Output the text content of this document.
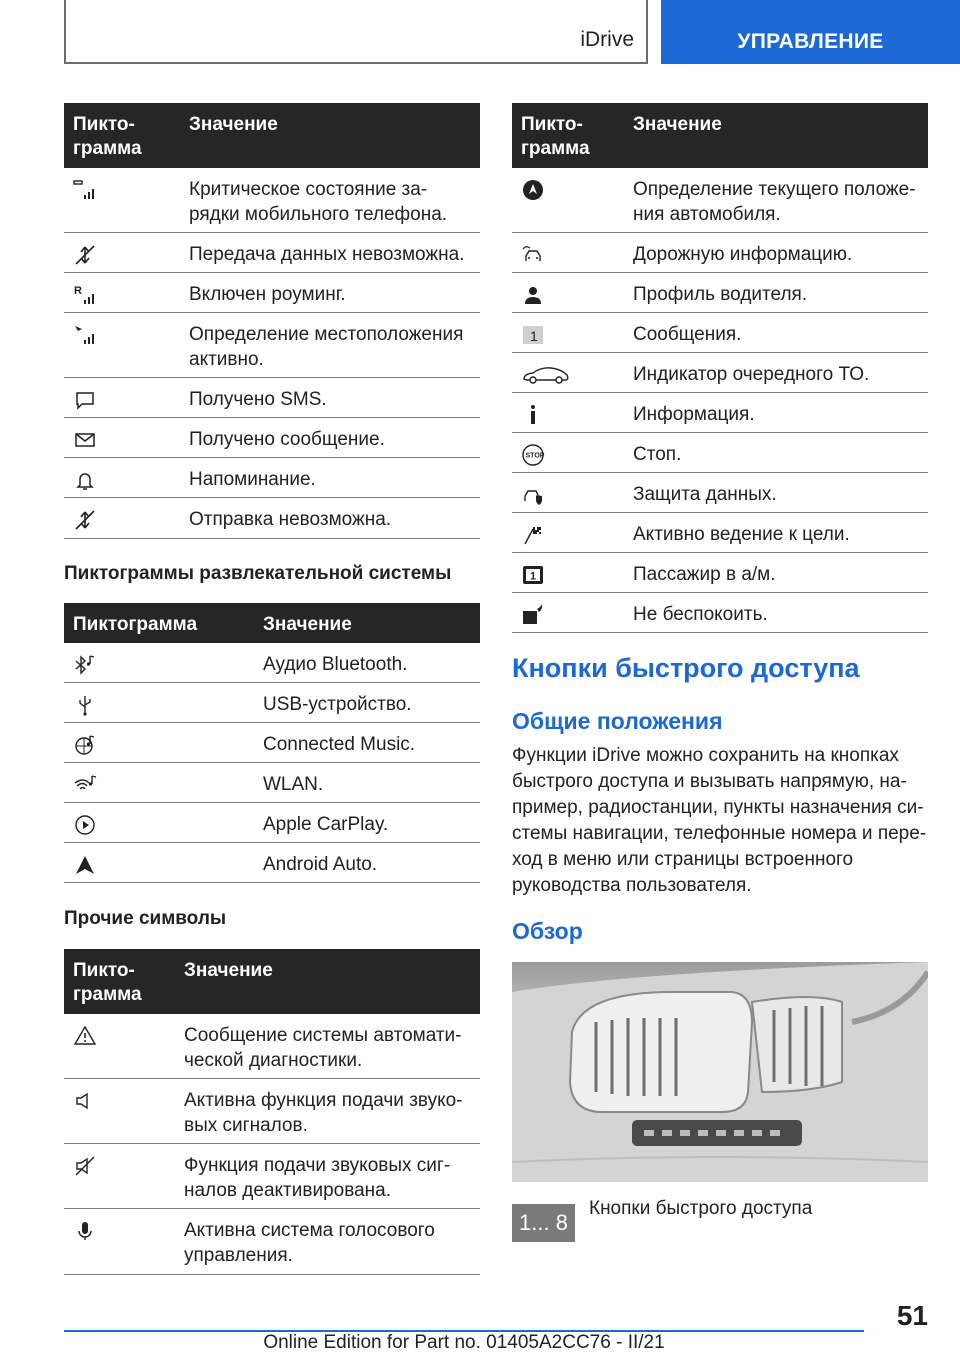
iDrive	УПРАВЛЕНИЕ
Пикто-
грамма
Значение
Критическое состояние за-
рядки мобильного телефона.
Передача данных невозможна.
R	Включен роуминг.
Определение местоположения
активно.
Получено SMS.
Получено сообщение.
Напоминание.
Отправка невозможна.
Пиктограммы развлекательной системы
Пиктограмма	Значение
Аудио Bluetooth.
USB-устройство.
Connected Music.
WLAN.
Apple CarPlay.
Android Auto.
Прочие символы
Пикто-
грамма
Значение
Сообщение системы автомати-
ческой диагностики.
Активна функция подачи звуко-
вых сигналов.
Функция подачи звуковых сиг-
налов деактивирована.
Активна система голосового
управления.
Пикто-
грамма
Значение
Определение текущего положе-
ния автомобиля.
Дорожную информацию.
Профиль водителя.
1	Сообщения.
Индикатор очередного ТО.
Информация.
STOP	Стоп.
Защита данных.
Активно ведение к цели.
1	Пассажир в а/м.
Не беспокоить.
Кнопки быстрого доступа
Общие положения
Функции iDrive можно сохранить на кнопках
быстрого доступа и вызывать напрямую, на-
пример, радиостанции, пункты назначения си-
стемы навигации, телефонные номера и пере-
ход в меню или страницы встроенного
руководства пользователя.
Обзор
1... 8
Кнопки быстрого доступа
51
Online Edition for Part no. 01405A2CC76 - II/21
